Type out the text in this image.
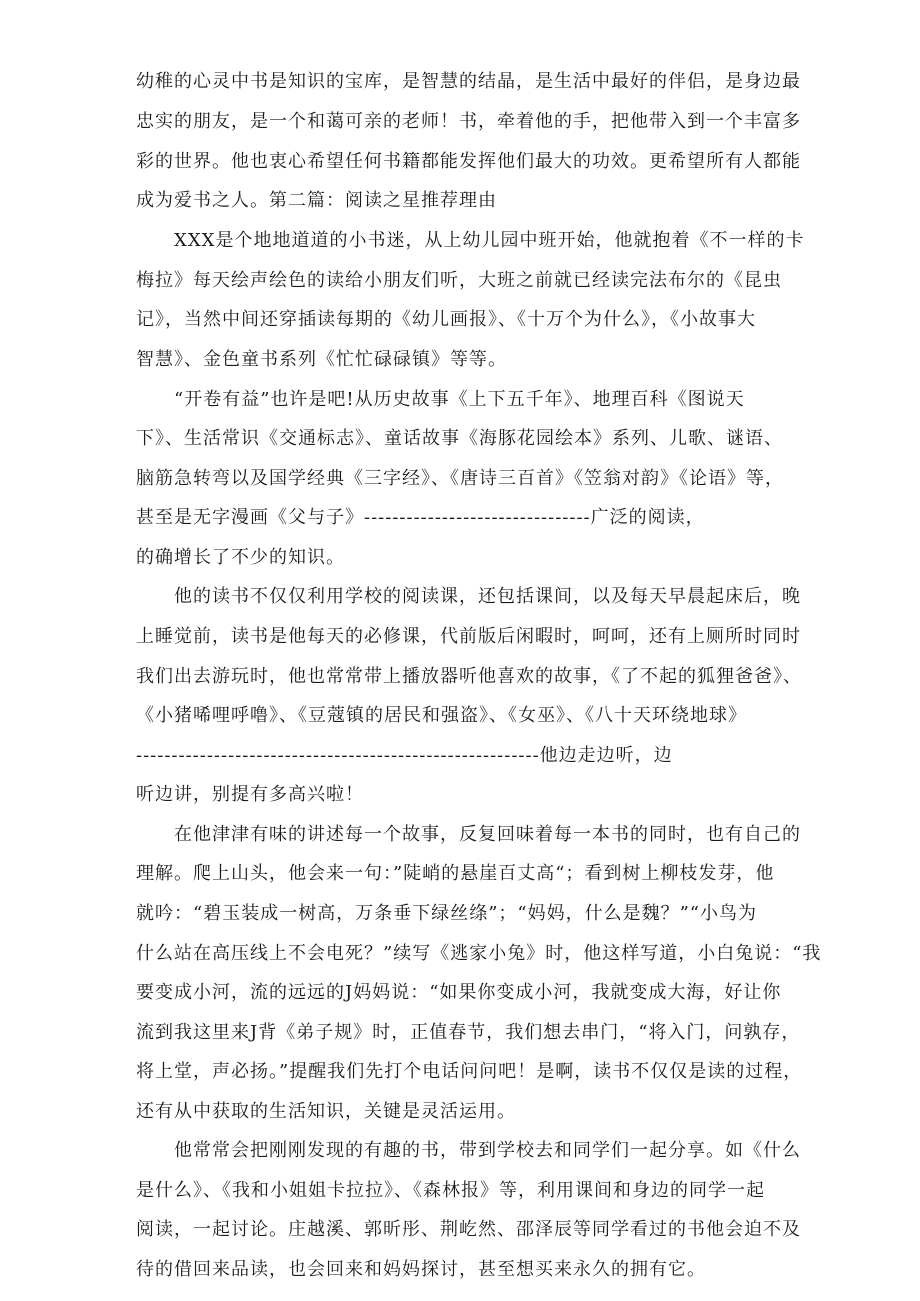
幼稚的心灵中书是知识的宝库，是智慧的结晶，是生活中最好的伴侣，是身边最
忠实的朋友，是一个和蔼可亲的老师！书，牵着他的手，把他带入到一个丰富多
彩的世界。他也衷心希望任何书籍都能发挥他们最大的功效。更希望所有人都能
成为爱书之人。第二篇：阅读之星推荐理由
XXX是个地地道道的小书迷，从上幼儿园中班开始，他就抱着《不一样的卡
梅拉》每天绘声绘色的读给小朋友们听，大班之前就已经读完法布尔的《昆虫
记》，当然中间还穿插读每期的《幼儿画报》、《十万个为什么》，《小故事大
智慧》、金色童书系列《忙忙碌碌镇》等等。
“开卷有益”也许是吧!从历史故事《上下五千年》、地理百科《图说天
下》、生活常识《交通标志》、童话故事《海豚花园绘本》系列、儿歌、谜语、
脑筋急转弯以及国学经典《三字经》、《唐诗三百首》《笠翁对韵》《论语》等，
甚至是无字漫画《父与子》--------------------------------广泛的阅读，
的确增长了不少的知识。
他的读书不仅仅利用学校的阅读课，还包括课间，以及每天早晨起床后，晚
上睡觉前，读书是他每天的必修课，代前版后闲暇时，呵呵，还有上厕所时同时
我们出去游玩时，他也常常带上播放器听他喜欢的故事，《了不起的狐狸爸爸》、
《小猪唏哩呼噜》、《豆蔻镇的居民和强盗》、《女巫》、《八十天环绕地球》
---------------------------------------------------------他边走边听，边
听边讲，别提有多高兴啦！
在他津津有味的讲述每一个故事，反复回味着每一本书的同时，也有自己的
理解。爬上山头，他会来一句：”陡峭的悬崖百丈高“；看到树上柳枝发芽，他
就吟：“碧玉装成一树高，万条垂下绿丝绦”；“妈妈，什么是魏？”“小鸟为
什么站在高压线上不会电死？”续写《逃家小兔》时，他这样写道，小白兔说：“我
要变成小河，流的远远的J妈妈说：“如果你变成小河，我就变成大海，好让你
流到我这里来J背《弟子规》时，正值春节，我们想去串门，“将入门，问孰存，
将上堂，声必扬。”提醒我们先打个电话问问吧！是啊，读书不仅仅是读的过程，
还有从中获取的生活知识，关键是灵活运用。
他常常会把刚刚发现的有趣的书，带到学校去和同学们一起分享。如《什么
是什么》、《我和小姐姐卡拉拉》、《森林报》等，利用课间和身边的同学一起
阅读，一起讨论。庄越溪、郭昕彤、荆屹然、邵泽辰等同学看过的书他会迫不及
待的借回来品读，也会回来和妈妈探讨，甚至想买来永久的拥有它。
